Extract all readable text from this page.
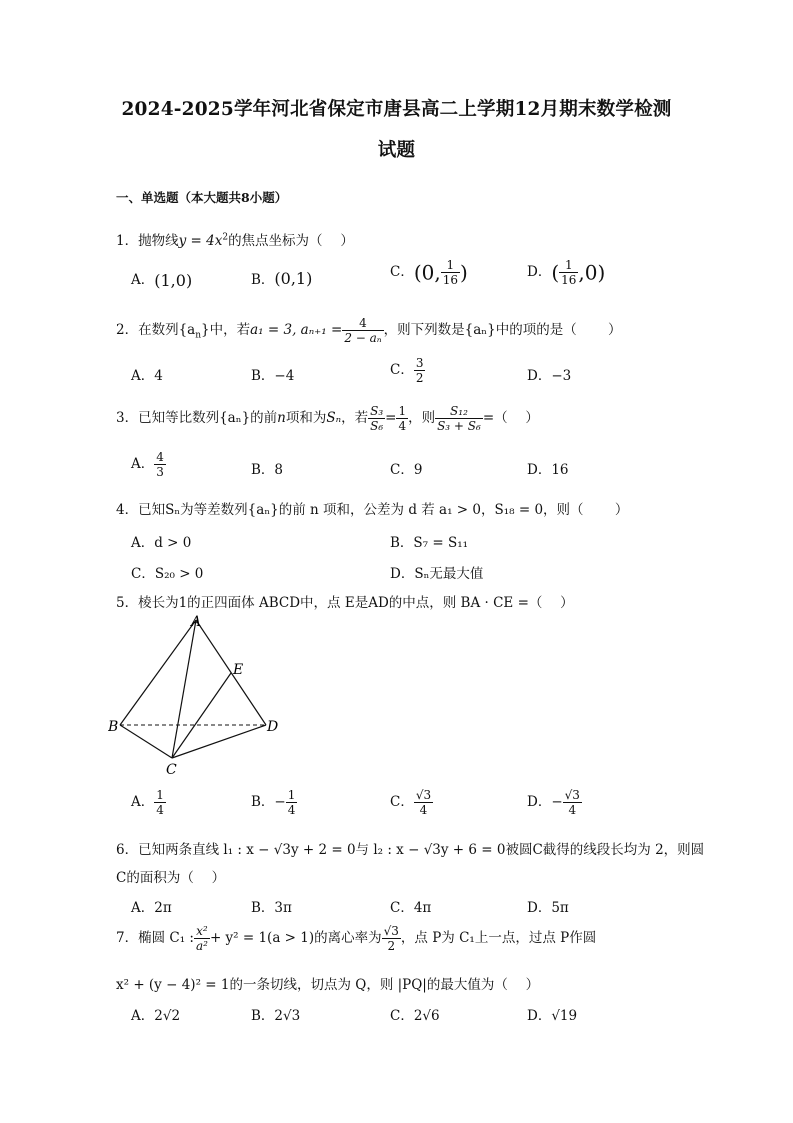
2024-2025学年河北省保定市唐县高二上学期12月期末数学检测
试题
一、单选题（本大题共8小题）
1．抛物线$y = 4x^2$的焦点坐标为（　 ）
A．(1,0)	B．(0,1)	C．(0, $\frac{1}{16}$ )	D．( $\frac{1}{16} ,0$)
2．在数列$\{a_n\}$中，若a₁ = 3, $a_{n+1} = \frac{4}{\text{2 − aₙ}}$ ，则下列数是{aₙ}中的项的是（　　 ）
A．4	B．−4	C． $\frac{3}{2}$	D．−3
3．已知等比数列{aₙ}的前n项和为Sₙ，若 $\frac{\text{S₃}}{\text{S₆}} = \frac{1}{4}$ ，则 $\frac{\text{S₁₂}}{\text{S₃ + S₆}}$ =（　 ）
A． $\frac{4}{3}$	B．8	C．9	D．16
4．已知Sₙ为等差数列{aₙ}的前 n 项和，公差为 d 若 a₁ > 0，S₁₈ = 0，则（　　 ）
A．d > 0	B．S₇ = S₁₁
C．S₂₀ > 0	D．Sₙ无最大值
5．棱长为1的正四面体 ABCD中，点 E是AD的中点，则 BA · CE =（　 ）
A
B	D
C
E
A． $\frac{1}{4}$	B．− $\frac{1}{4}$	C． $\frac{√3}{4}$	D．− $\frac{√3}{4}$
6．已知两条直线 l₁ : x − √3y + 2 = 0与 l₂ : x − √3y + 6 = 0被圆C截得的线段长均为 2，则圆
C的面积为（　 ）
A．2π	B．3π	C．4π	D．5π
7．椭圆 C₁ : $\frac{\text{x²}}{\text{a²}} + y^2 = 1(a > 1)$的离心率为 $\frac{√3}{2}$ ，点 P为 C₁上一点，过点 P作圆
x² + (y − 4)² = 1的一条切线，切点为 Q，则 |PQ|的最大值为（　 ）
A．2√2	B．2√3	C．2√6	D．√19
